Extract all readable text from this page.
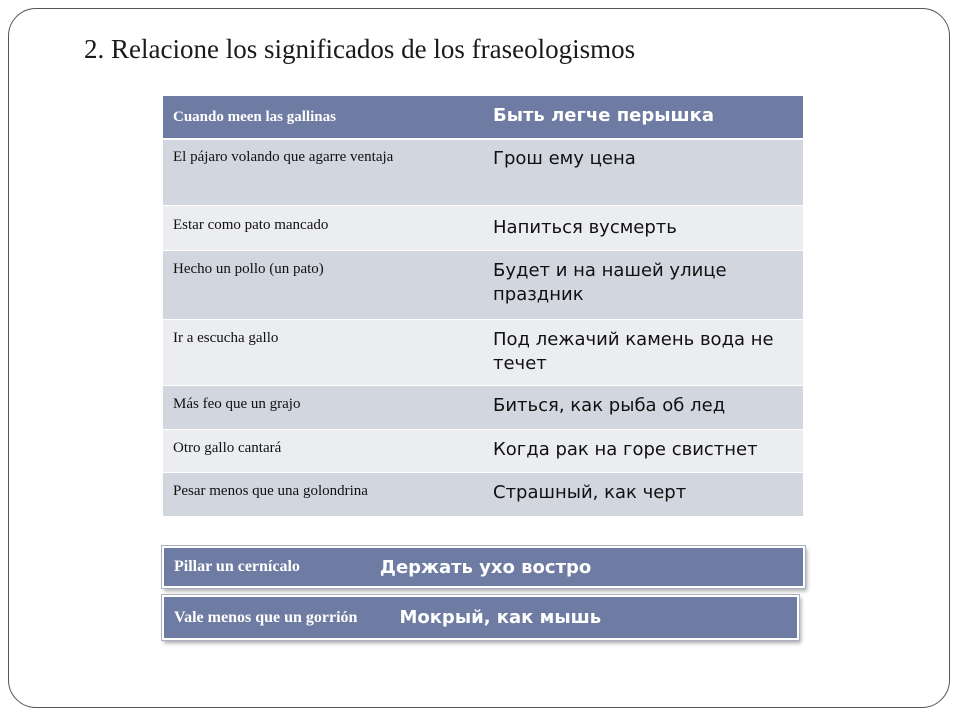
2. Relacione los significados de los fraseologismos
Cuando meen las gallinas	Быть легче перышка
El pájaro volando que agarre ventaja	Грош ему цена
Estar como pato mancado	Напиться вусмерть
Hecho un pollo (un pato)	Будет и на нашей улице праздник
Ir a escucha gallo	Под лежачий камень вода не течет
Más feo que un grajo	Биться, как рыба об лед
Otro gallo cantará	Когда рак на горе свистнет
Pesar menos que una golondrina	Страшный, как черт
Pillar un cernícalo	Держать ухо востро
Vale menos que un gorrión Мокрый, как мышь
